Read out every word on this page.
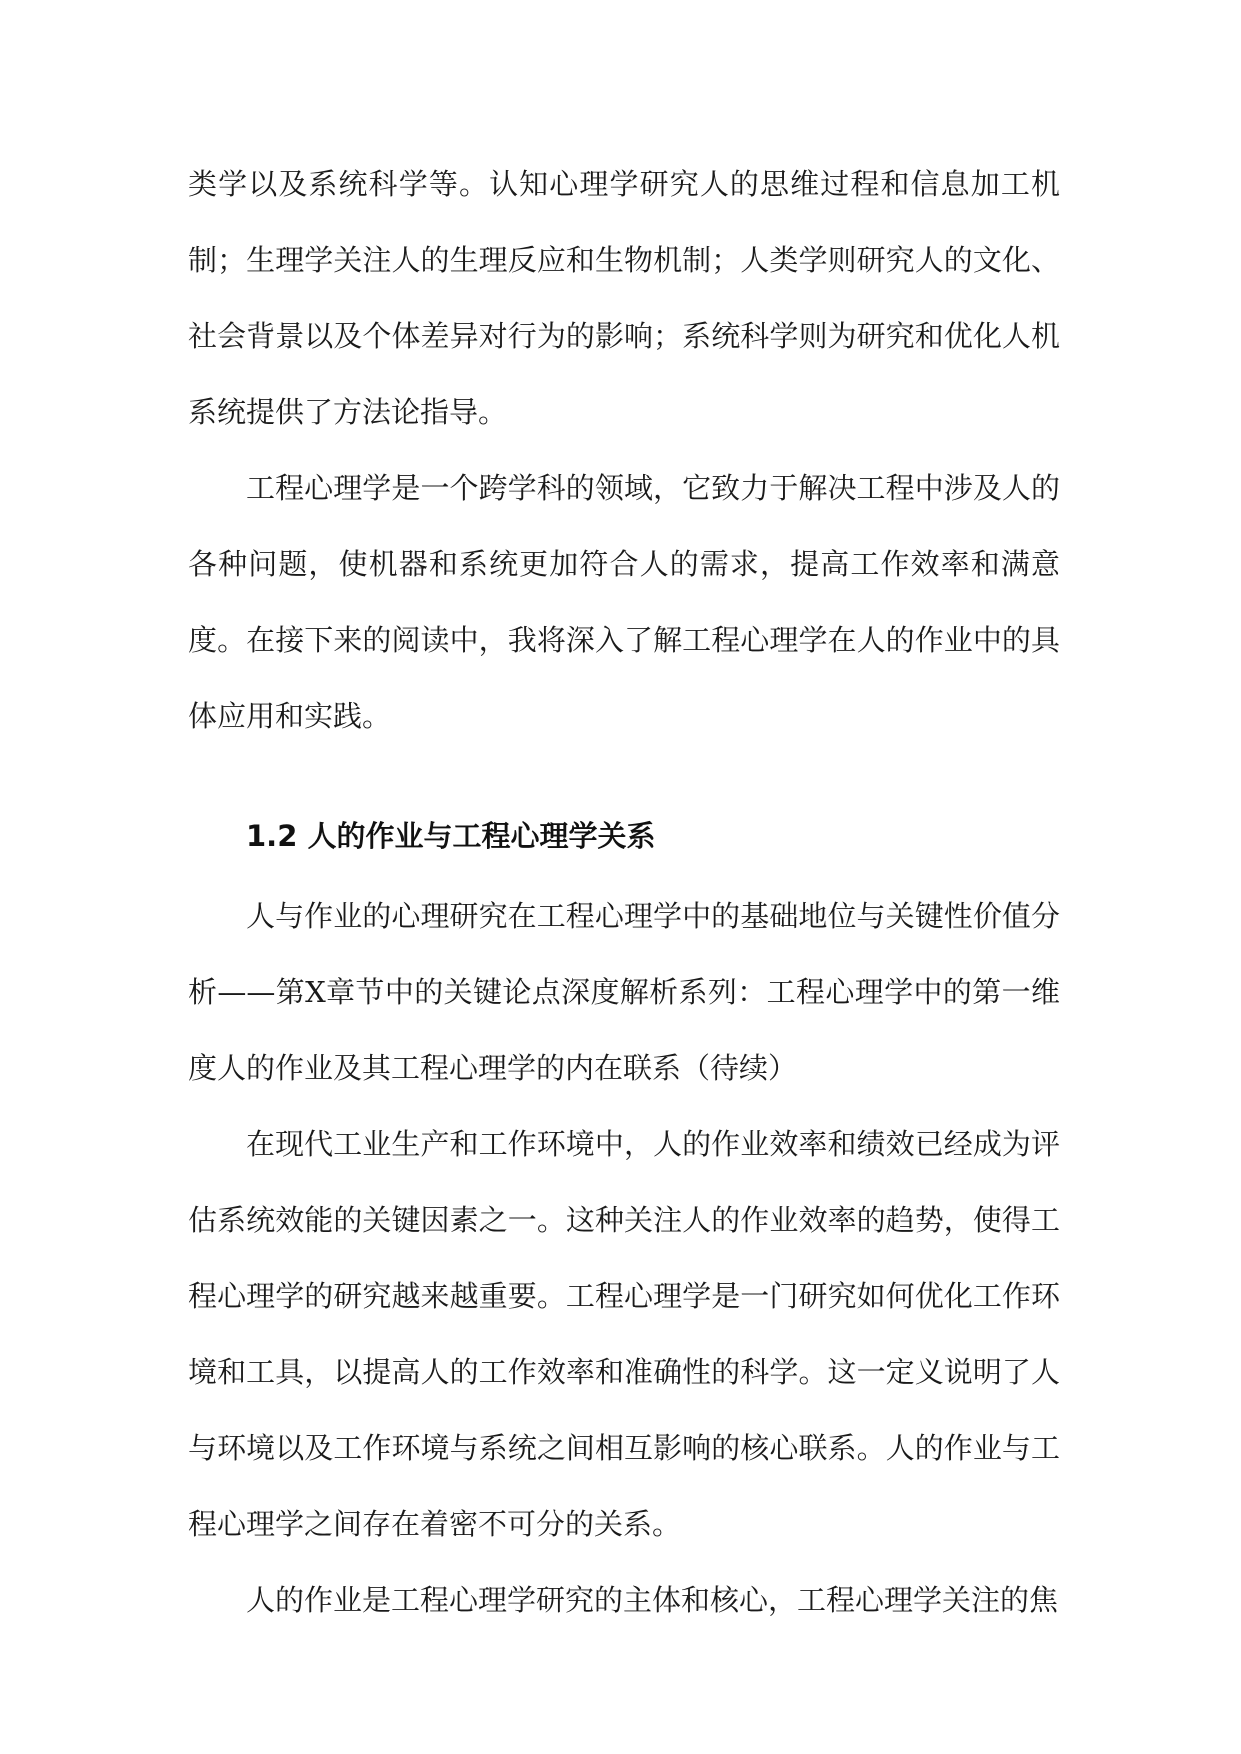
类学以及系统科学等。认知心理学研究人的思维过程和信息加工机制；生理学关注人的生理反应和生物机制；人类学则研究人的文化、社会背景以及个体差异对行为的影响；系统科学则为研究和优化人机系统提供了方法论指导。

工程心理学是一个跨学科的领域，它致力于解决工程中涉及人的各种问题，使机器和系统更加符合人的需求，提高工作效率和满意度。在接下来的阅读中，我将深入了解工程心理学在人的作业中的具体应用和实践。

1.2 人的作业与工程心理学关系

人与作业的心理研究在工程心理学中的基础地位与关键性价值分析——第X章节中的关键论点深度解析系列：工程心理学中的第一维度人的作业及其工程心理学的内在联系（待续）

在现代工业生产和工作环境中，人的作业效率和绩效已经成为评估系统效能的关键因素之一。这种关注人的作业效率的趋势，使得工程心理学的研究越来越重要。工程心理学是一门研究如何优化工作环境和工具，以提高人的工作效率和准确性的科学。这一定义说明了人与环境以及工作环境与系统之间相互影响的核心联系。人的作业与工程心理学之间存在着密不可分的关系。

人的作业是工程心理学研究的主体和核心，工程心理学关注的焦
